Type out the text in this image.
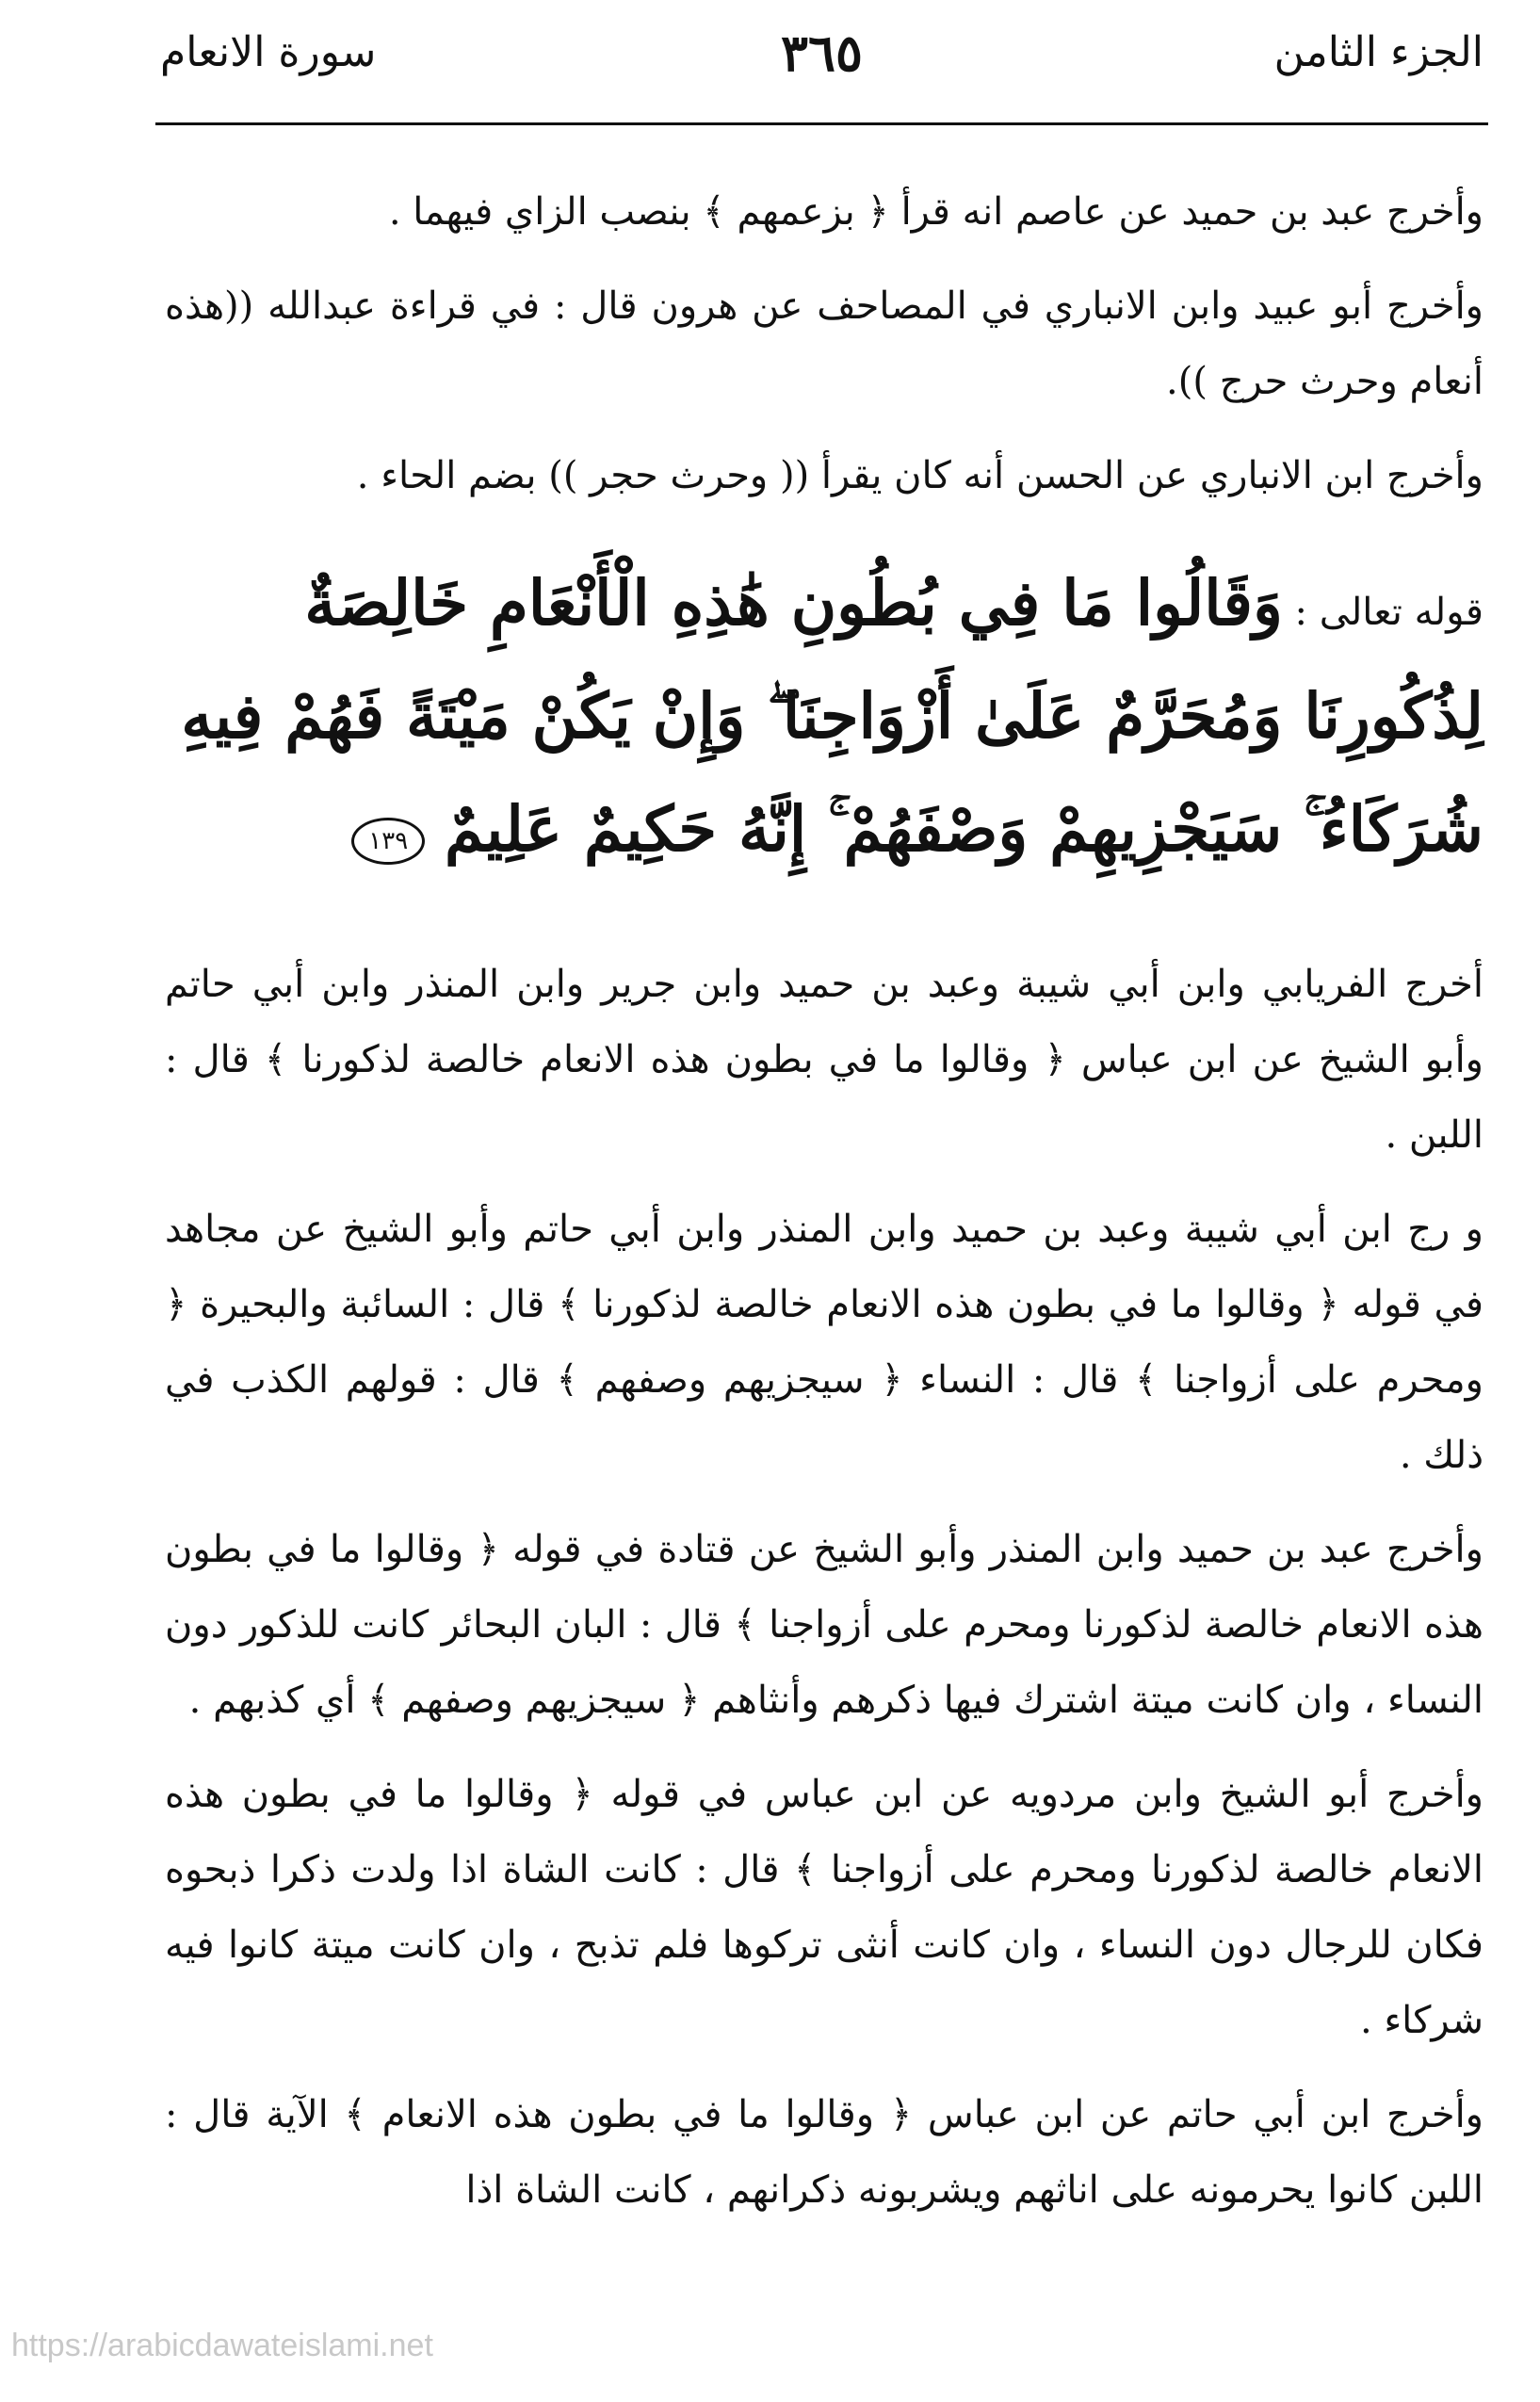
الجزء الثامن
٣٦٥
سورة الانعام

وأخرج عبد بن حميد عن عاصم انه قرأ ﴿ بزعمهم ﴾ بنصب الزاي فيهما .

وأخرج أبو عبيد وابن الانباري في المصاحف عن هرون قال : في قراءة عبدالله ((هذه أنعام وحرث حرج )).

وأخرج ابن الانباري عن الحسن أنه كان يقرأ (( وحرث حجر )) بضم الحاء .

قوله تعالى : وَقَالُوا مَا فِي بُطُونِ هَٰذِهِ الْأَنْعَامِ خَالِصَةٌ لِذُكُورِنَا وَمُحَرَّمٌ عَلَىٰ أَزْوَاجِنَا ۖ وَإِنْ يَكُنْ مَيْتَةً فَهُمْ فِيهِ شُرَكَاءُ ۚ سَيَجْزِيهِمْ وَصْفَهُمْ ۚ إِنَّهُ حَكِيمٌ عَلِيمٌ ١٣٩

أخرج الفريابي وابن أبي شيبة وعبد بن حميد وابن جرير وابن المنذر وابن أبي حاتم وأبو الشيخ عن ابن عباس ﴿ وقالوا ما في بطون هذه الانعام خالصة لذكورنا ﴾ قال : اللبن .

و‍‍‍ رج ابن أبي شيبة وعبد بن حميد وابن المنذر وابن أبي حاتم وأبو الشيخ عن مجاهد في قوله ﴿ وقالوا ما في بطون هذه الانعام خالصة لذكورنا ﴾ قال : السائبة والبحيرة ﴿ ومحرم على أزواجنا ﴾ قال : النساء ﴿ سيجزيهم وصفهم ﴾ قال : قولهم الكذب في ذلك .

وأخرج عبد بن حميد وابن المنذر وأبو الشيخ عن قتادة في قوله ﴿ وقالوا ما في بطون هذه الانعام خالصة لذكورنا ومحرم على أزواجنا ﴾ قال : البان البحائر كانت للذكور دون النساء ، وان كانت ميتة اشترك فيها ذكرهم وأنثاهم ﴿ سيجزيهم وصفهم ﴾ أي كذبهم .

وأخرج أبو الشيخ وابن مردويه عن ابن عباس في قوله ﴿ وقالوا ما في بطون هذه الانعام خالصة لذكورنا ومحرم على أزواجنا ﴾ قال : كانت الشاة اذا ولدت ذكرا ذبحوه فكان للرجال دون النساء ، وان كانت أنثى تركوها فلم تذبح ، وان كانت ميتة كانوا فيه شركاء .

وأخرج ابن أبي حاتم عن ابن عباس ﴿ وقالوا ما في بطون هذه الانعام ﴾ الآية قال : اللبن كانوا يحرمونه على اناثهم ويشربونه ذكرانهم ، كانت الشاة اذا

https://arabicdawateislami.net
